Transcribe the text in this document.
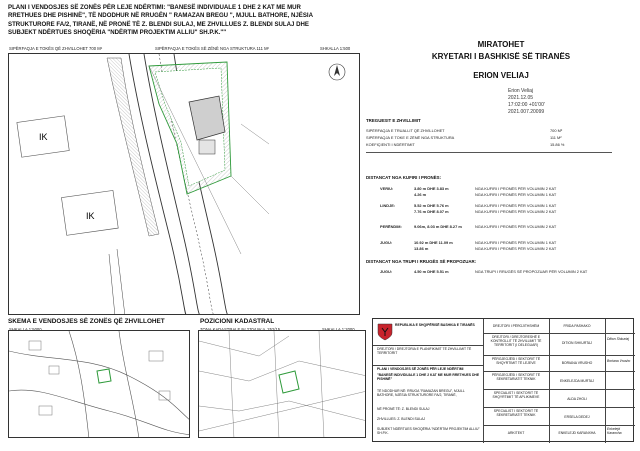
PLANI I VENDOSJES SË ZONËS PËR LEJE NDËRTIMI: "BANESË INDIVIDUALE 1 DHE 2 KAT ME MUR
RRETHUES DHE PISHINË", TË NDODHUR NË RRUGËN " RAMAZAN BREGU ", MJULL BATHORE, NJËSIA
STRUKTURORE FA/2, TIRANË, NË PRONË TË Z. BLENDI SULAJ, ME ZHVILLUES Z. BLENDI SULAJ DHE
SUBJEKT NDËRTUES SHOQËRIA "NDËRTIM PROJEKTIM ALLIU" SH.P.K.""
SIPËRFAQJA E TOKËS QË ZHVILLOHET 700 M²	SIPËRFAQJA E TOKËS SË ZËNË NGA STRUKTURA 111 M²	SHKALLA 1:500
IK
IK
MIRATOHET
KRYETARI I BASHKISË SË TIRANËS
ERION VELIAJ
Erion Veliaj
2021.12.05
17:02:00 +01'00'
2021.007.20099
TREGUESIT E ZHVILLIMIT
SIPËRFAQJA E TRUALLIT QË ZHVILLOHET	700 M²
SIPËRFAQJA E TOKE E ZËNË NGA STRUKTURA	111 M²
KOEFIÇIENTI I NDËRTIMIT	15.86 %
DISTANCAT NGA KUFIRI I PRONËS:
VERIU:	3.80 m DHE 3.83 m	NGA KUFIRI I PRONËS PËR VOLUMIN 2 KAT
4.26 m	NGA KUFIRI I PRONËS PËR VOLUMIN 1 KAT
LINDJE:	5.52 m DHE 5.76 m	NGA KUFIRI I PRONËS PËR VOLUMIN 1 KAT
7.76 m DHE 8.07 m	NGA KUFIRI I PRONËS PËR VOLUMIN 2 KAT
PERËNDIM:	9.06m, 8.03 m DHE 8.27 m	NGA KUFIRI I PRONËS PËR VOLUMIN 2 KAT
JUGU:	10.92 m DHE 11.09 m	NGA KUFIRI I PRONËS PËR VOLUMIN 1 KAT
13.86 m	NGA KUFIRI I PRONËS PËR VOLUMIN 2 KAT
DISTANCAT NGA TRUPI I RRUGËS SË PROPOZUAR:
JUGU:	4.50 m DHE 5.51 m	NGA TRUPI I RRUGËS SË PROPOZUAR PËR VOLUMIN 2 KAT
SKEMA E VENDOSJES SË ZONËS QË ZHVILLOHET	POZICIONI KADASTRAL	REPUBLIKA E SHQIPËRISË BASHKIA E TIRANËS
DREJTORI / DREJTORIA E PLANIFIKIMIT TË ZHVILLIMIT TË TERRITORIT
PLANI I VENDOSJES SË ZONËS PËR LEJE NDËRTIMI
"BANESË INDIVIDUALE 1 DHE 2 KAT ME MUR RRETHUES DHE PISHINË"
TË NDODHUR NË: RRUGA "RAMAZAN BREGU", MJULL BATHORE, NJËSIA STRUKTURORE FA/2, TIRANË,
NË PRONË TË: Z. BLENDI SULAJ
ZHVILLUES: Z. BLENDI SULAJ
SUBJEKT NDËRTUES SHOQËRIA "NDËRTIM PROJEKTIM ALLIU" SH.P.K.
DREJTORI I PËRGJITHSHËM	FRIDA PASHAKO
DREJTORI / DREJTORESHË E KONTROLLIT TË ZHVILLIMIT TË TERRITORIT (I DELEGUAR)
DITION SHKURTAJ
Dition Shkurtaj
PËRGJEGJËSI I SEKTORIT TË SHQYRTIMIT TË LEJEVE	BORIANA VRUSHO	Boriana Vrusho
PËRGJEGJËSI I SEKTORIT TË SEKRETARIATIT TEKNIK	ENKELEJDA MURTAJ
SPECIALIST I SEKTORIT TË SHQYRTIMIT TË APLIKIMEVE	ALDA ZHOLI
SPECIALIST I SEKTORIT TË SEKRETARIATIT TEKNIK	ERSELA DEDEJ
ARKITEKT	ENKELEJD KARANXHA
Enkelejd Karanxha
